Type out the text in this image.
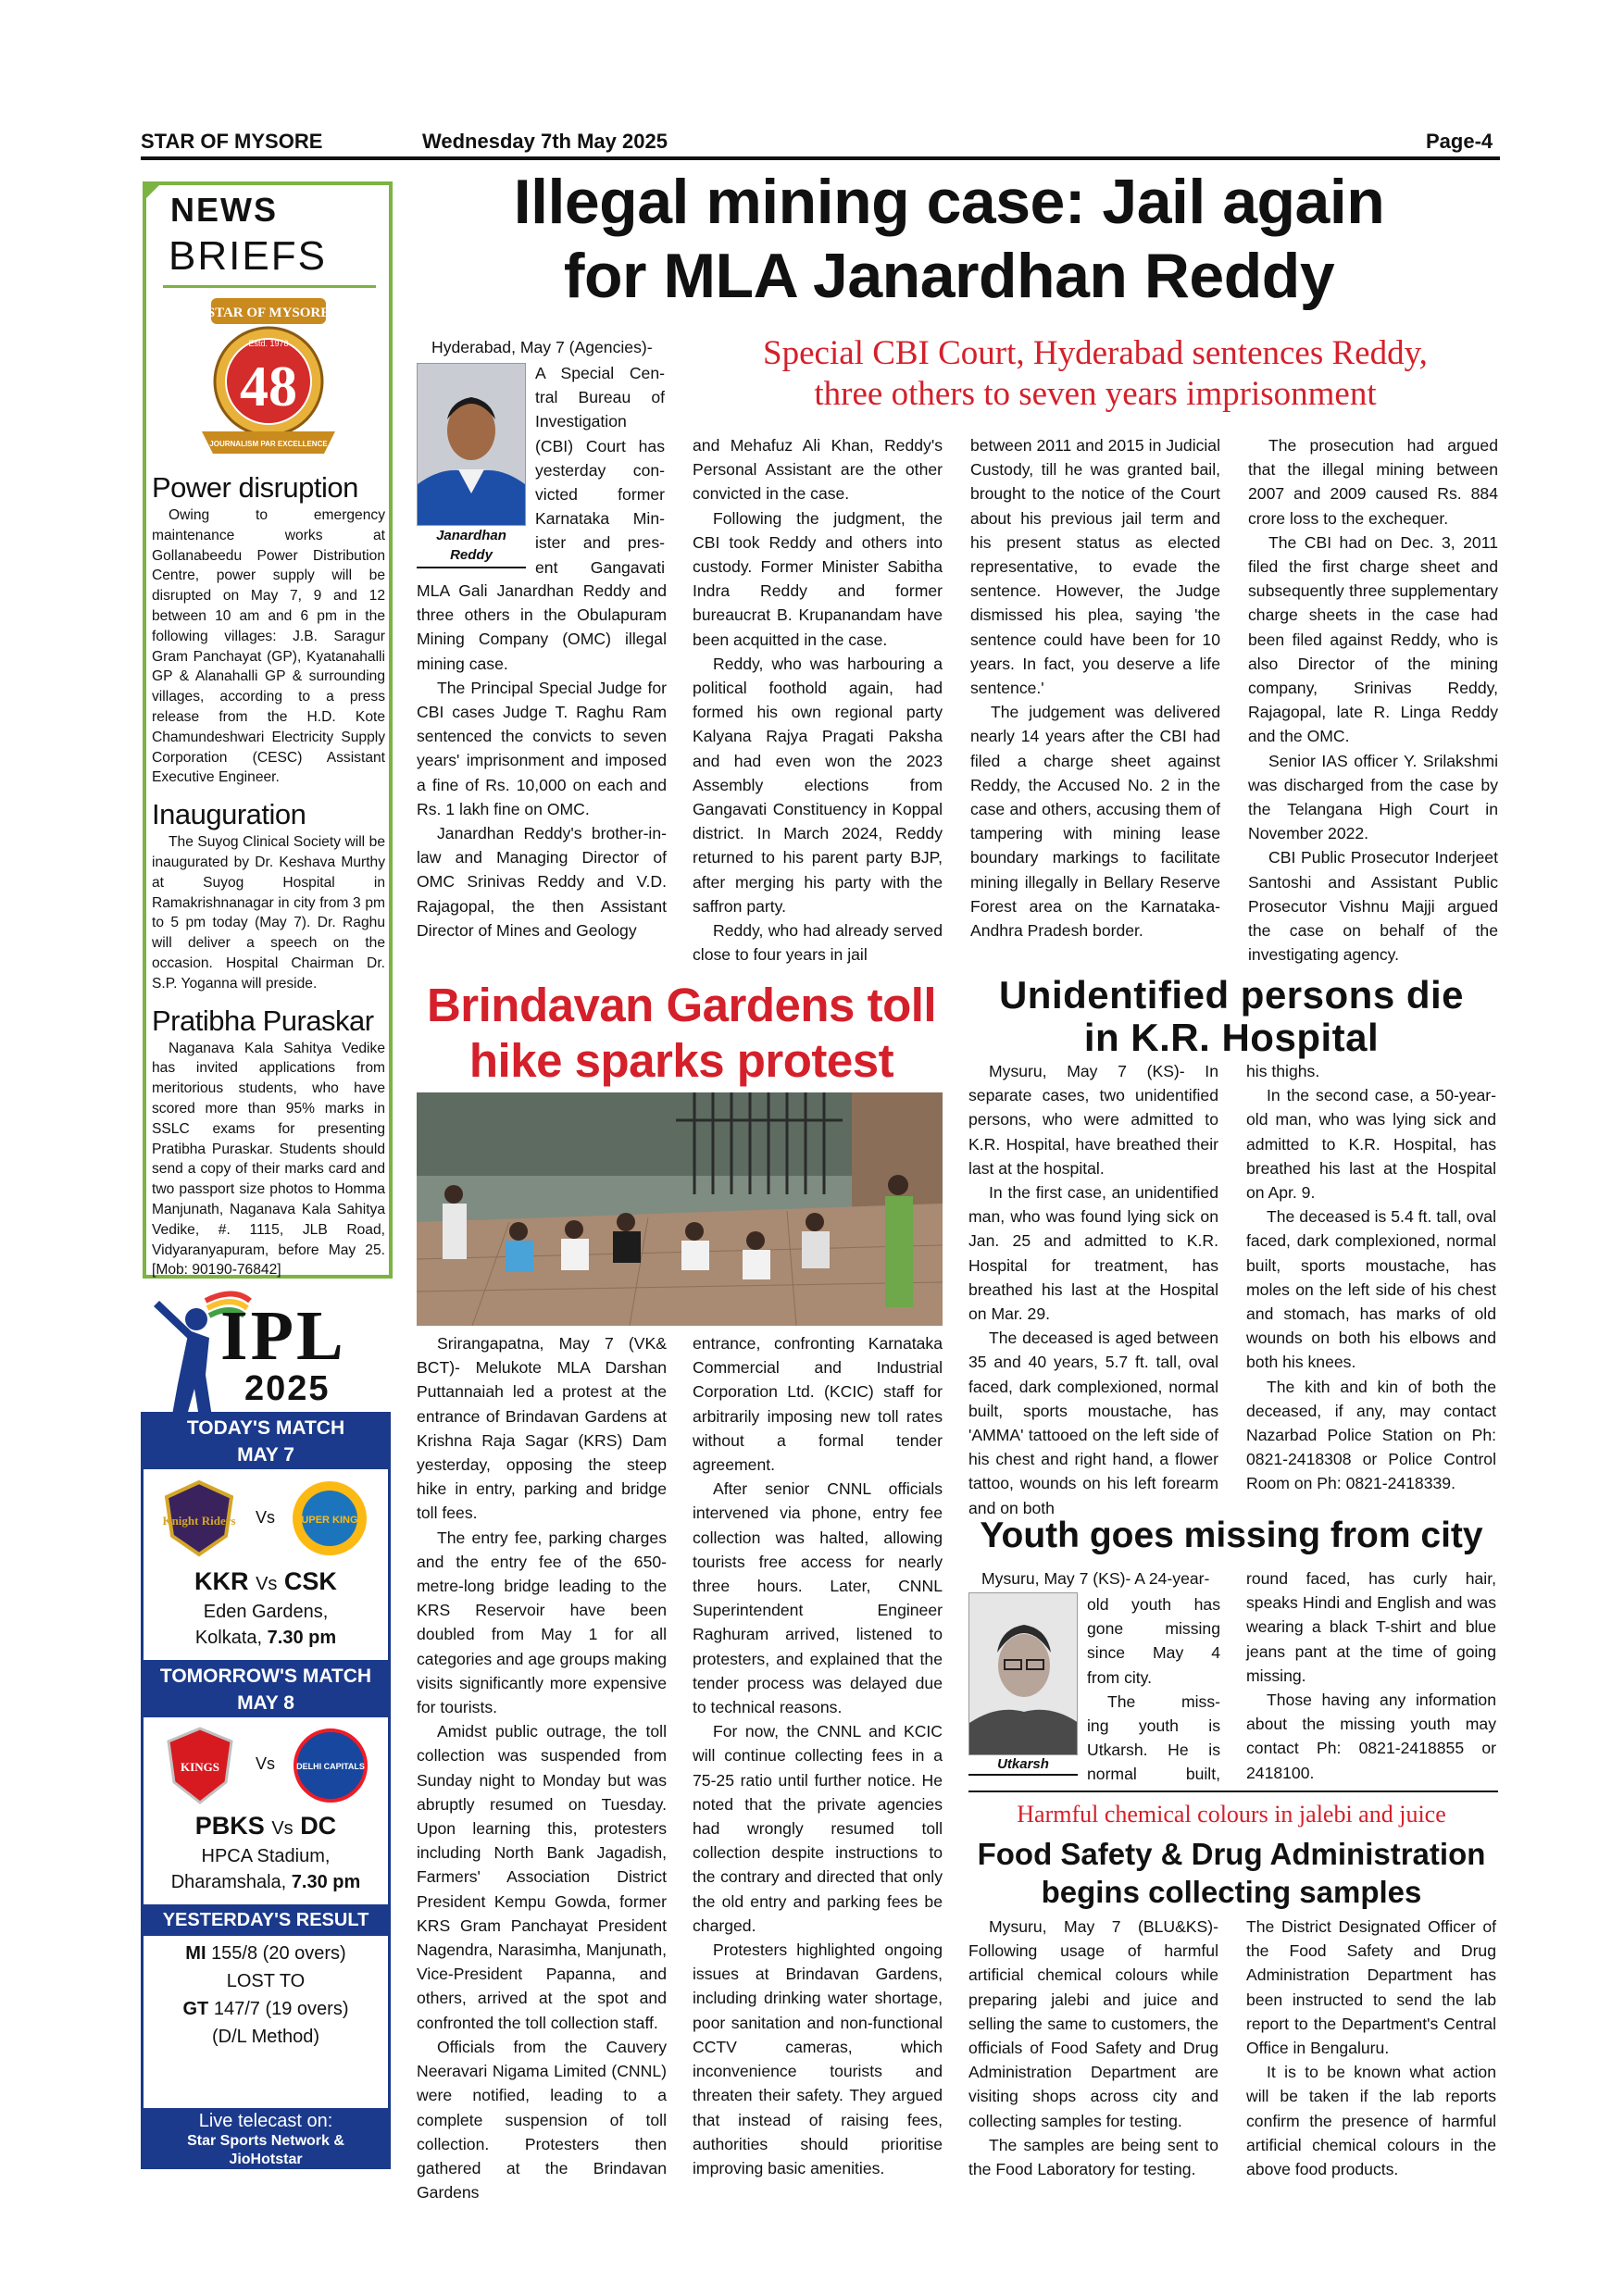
STAR OF MYSORE	Wednesday 7th May 2025	Page-4
NEWS
BRIEFS
STAR OF MYSORE
Estd. 1978
48
JOURNALISM PAR EXCELLENCE
Power disruption

Owing to emergency maintenance works at Gollanabeedu Power Distribution Centre, power supply will be disrupted on May 7, 9 and 12 between 10 am and 6 pm in the following villages: J.B. Saragur Gram Panchayat (GP), Kyatanahalli GP & Alanahalli GP & surrounding villages, according to a press release from the H.D. Kote Chamundeshwari Electricity Supply Corporation (CESC) Assistant Executive Engineer.

Inauguration

The Suyog Clinical Society will be inaugurated by Dr. Keshava Murthy at Suyog Hospital in Ramakrishnanagar in city from 3 pm to 5 pm today (May 7). Dr. Raghu will deliver a speech on the occasion. Hospital Chairman Dr. S.P. Yoganna will preside.

Pratibha Puraskar

Naganava Kala Sahitya Vedike has invited applications from meritorious students, who have scored more than 95% marks in SSLC exams for presenting Pratibha Puraskar. Students should send a copy of their marks card and two passport size photos to Homma Manjunath, Naganava Kala Sahitya Vedike, #. 1115, JLB Road, Vidyaranyapuram, before May 25. [Mob: 90190-76842]

IPL
2025
TODAY'S MATCH
MAY 7
Knight Riders Vs SUPER KINGS
KKR Vs CSK
Eden Gardens,
Kolkata, 7.30 pm
TOMORROW'S MATCH
MAY 8
KINGS Vs	DELHI CAPITALS
PBKS Vs DC
HPCA Stadium,
Dharamshala, 7.30 pm
YESTERDAY'S RESULT
MI 155/8 (20 overs)
LOST TO
GT 147/7 (19 overs)
(D/L Method)
Live telecast on:
Star Sports Network &
JioHotstar
Illegal mining case: Jail again
for MLA Janardhan Reddy
Special CBI Court, Hyderabad sentences Reddy,
three others to seven years imprisonment
Hyderabad, May 7 (Agencies)-
Janardhan
Reddy
A Special Cen-
tral Bureau of
Investigation
(CBI) Court has
yesterday con-
victed former
Karnataka Min-
ister and pres-
ent Gangavati

MLA Gali Janardhan Reddy and three others in the Obulapuram Mining Company (OMC) illegal mining case.

The Principal Special Judge for CBI cases Judge T. Raghu Ram sentenced the convicts to seven years' imprisonment and imposed a fine of Rs. 10,000 on each and Rs. 1 lakh fine on OMC.

Janardhan Reddy's brother-in-law and Managing Director of OMC Srinivas Reddy and V.D. Rajagopal, the then Assistant Director of Mines and Geology

and Mehafuz Ali Khan, Reddy's Personal Assistant are the other convicted in the case.

Following the judgment, the CBI took Reddy and others into custody. Former Minister Sabitha Indra Reddy and former bureaucrat B. Krupanandam have been acquitted in the case.

Reddy, who was harbouring a political foothold again, had formed his own regional party Kalyana Rajya Pragati Paksha and had even won the 2023 Assembly elections from Gangavati Constituency in Koppal district. In March 2024, Reddy returned to his parent party BJP, after merging his party with the saffron party.

Reddy, who had already served close to four years in jail

between 2011 and 2015 in Judicial Custody, till he was granted bail, brought to the notice of the Court about his previous jail term and his present status as elected representative, to evade the sentence. However, the Judge dismissed his plea, saying 'the sentence could have been for 10 years. In fact, you deserve a life sentence.'

The judgement was delivered nearly 14 years after the CBI had filed a charge sheet against Reddy, the Accused No. 2 in the case and others, accusing them of tampering with mining lease boundary markings to facilitate mining illegally in Bellary Reserve Forest area on the Karnataka-Andhra Pradesh border.

The prosecution had argued that the illegal mining between 2007 and 2009 caused Rs. 884 crore loss to the exchequer.

The CBI had on Dec. 3, 2011 filed the first charge sheet and subsequently three supplementary charge sheets in the case had been filed against Reddy, who is also Director of the mining company, Srinivas Reddy, Rajagopal, late R. Linga Reddy and the OMC.

Senior IAS officer Y. Srilakshmi was discharged from the case by the Telangana High Court in November 2022.

CBI Public Prosecutor Inderjeet Santoshi and Assistant Public Prosecutor Vishnu Majji argued the case on behalf of the investigating agency.

Brindavan Gardens toll
hike sparks protest

Srirangapatna, May 7 (VK& BCT)- Melukote MLA Darshan Puttannaiah led a protest at the entrance of Brindavan Gardens at Krishna Raja Sagar (KRS) Dam yesterday, opposing the steep hike in entry, parking and bridge toll fees.

The entry fee, parking charges and the entry fee of the 650-metre-long bridge leading to the KRS Reservoir have been doubled from May 1 for all categories and age groups making visits significantly more expensive for tourists.

Amidst public outrage, the toll collection was suspended from Sunday night to Monday but was abruptly resumed on Tuesday. Upon learning this, protesters including North Bank Jagadish, Farmers' Association District President Kempu Gowda, former KRS Gram Panchayat President Nagendra, Narasimha, Manjunath, Vice-President Papanna, and others, arrived at the spot and confronted the toll collection staff.

Officials from the Cauvery Neeravari Nigama Limited (CNNL) were notified, leading to a complete suspension of toll collection. Protesters then gathered at the Brindavan Gardens

entrance, confronting Karnataka Commercial and Industrial Corporation Ltd. (KCIC) staff for arbitrarily imposing new toll rates without a formal tender agreement.

After senior CNNL officials intervened via phone, entry fee collection was halted, allowing tourists free access for nearly three hours. Later, CNNL Superintendent Engineer Raghuram arrived, listened to protesters, and explained that the tender process was delayed due to technical reasons.

For now, the CNNL and KCIC will continue collecting fees in a 75-25 ratio until further notice. He noted that the private agencies had wrongly resumed toll collection despite instructions to the contrary and directed that only the old entry and parking fees be charged.

Protesters highlighted ongoing issues at Brindavan Gardens, including drinking water shortage, poor sanitation and non-functional CCTV cameras, which inconvenience tourists and threaten their safety. They argued that instead of raising fees, authorities should prioritise improving basic amenities.

Unidentified persons die
in K.R. Hospital

Mysuru, May 7 (KS)- In separate cases, two unidentified persons, who were admitted to K.R. Hospital, have breathed their last at the hospital.

In the first case, an unidentified man, who was found lying sick on Jan. 25 and admitted to K.R. Hospital for treatment, has breathed his last at the Hospital on Mar. 29.

The deceased is aged between 35 and 40 years, 5.7 ft. tall, oval faced, dark complexioned, normal built, sports moustache, has 'AMMA' tattooed on the left side of his chest and right hand, a flower tattoo, wounds on his left forearm and on both

his thighs.

In the second case, a 50-year-old man, who was lying sick and admitted to K.R. Hospital, has breathed his last at the Hospital on Apr. 9.

The deceased is 5.4 ft. tall, oval faced, dark complexioned, normal built, sports moustache, has moles on the left side of his chest and stomach, has marks of old wounds on both his elbows and both his knees.

The kith and kin of both the deceased, if any, may contact Nazarbad Police Station on Ph: 0821-2418308 or Police Control Room on Ph: 0821-2418339.

Youth goes missing from city
Mysuru, May 7 (KS)- A 24-year-
Utkarsh
old youth has
gone missing
since May 4
from city.
The miss-
ing youth is
Utkarsh. He is
normal built,

round faced, has curly hair, speaks Hindi and English and was wearing a black T-shirt and blue jeans pant at the time of going missing.

Those having any information about the missing youth may contact Ph: 0821-2418855 or 2418100.

Harmful chemical colours in jalebi and juice
Food Safety & Drug Administration
begins collecting samples

Mysuru, May 7 (BLU&KS)- Following usage of harmful artificial chemical colours while preparing jalebi and juice and selling the same to customers, the officials of Food Safety and Drug Administration Department are visiting shops across city and collecting samples for testing.

The samples are being sent to the Food Laboratory for testing.

The District Designated Officer of the Food Safety and Drug Administration Department has been instructed to send the lab report to the Department's Central Office in Bengaluru.

It is to be known what action will be taken if the lab reports confirm the presence of harmful artificial chemical colours in the above food products.
